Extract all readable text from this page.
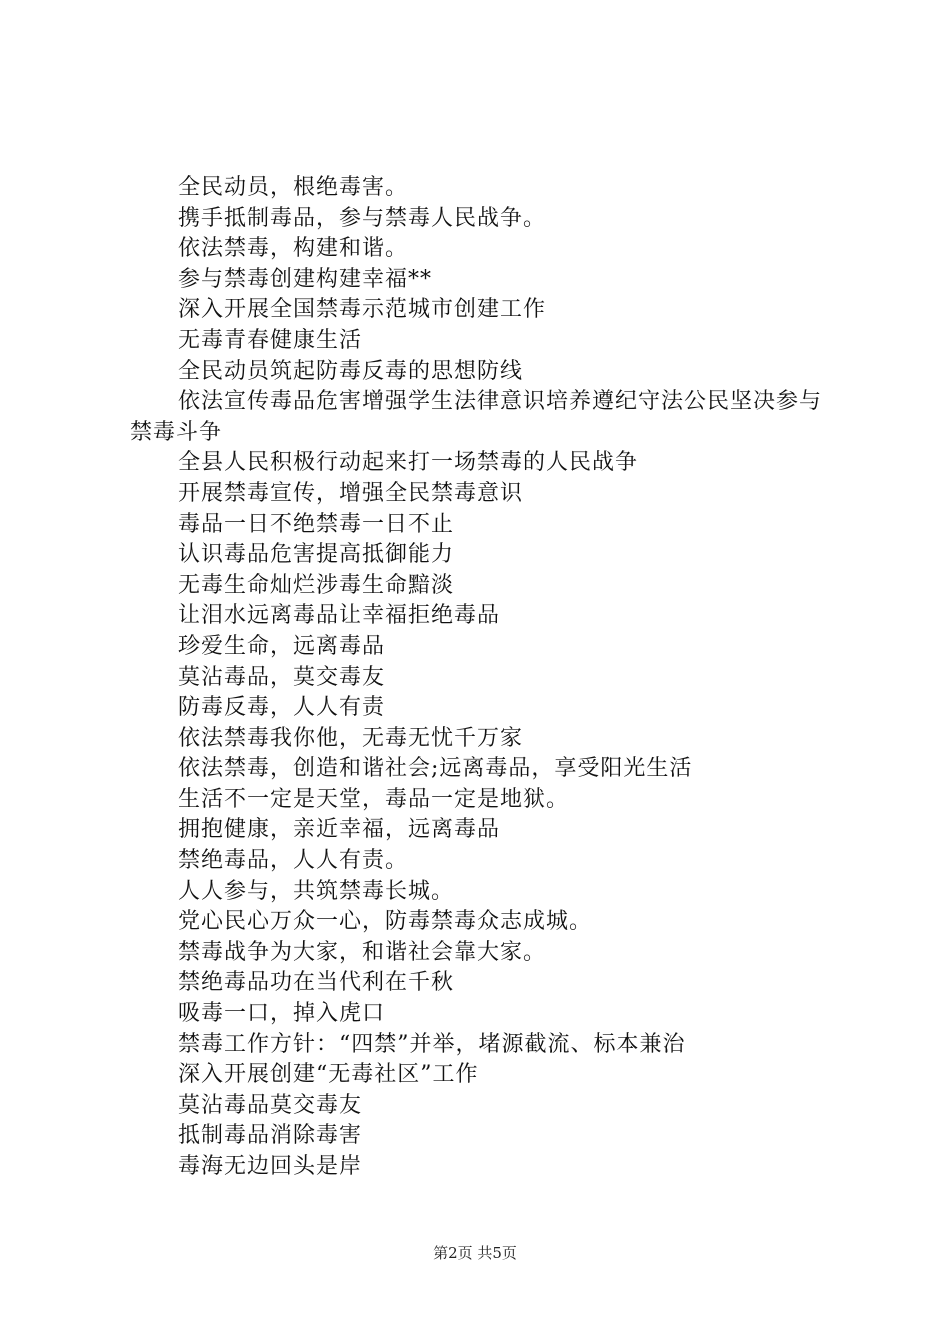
全民动员，根绝毒害。
携手抵制毒品，参与禁毒人民战争。
依法禁毒，构建和谐。
参与禁毒创建构建幸福**
深入开展全国禁毒示范城市创建工作
无毒青春健康生活
全民动员筑起防毒反毒的思想防线
依法宣传毒品危害增强学生法律意识培养遵纪守法公民坚决参与禁毒斗争
全县人民积极行动起来打一场禁毒的人民战争
开展禁毒宣传，增强全民禁毒意识
毒品一日不绝禁毒一日不止
认识毒品危害提高抵御能力
无毒生命灿烂涉毒生命黯淡
让泪水远离毒品让幸福拒绝毒品
珍爱生命，远离毒品
莫沾毒品，莫交毒友
防毒反毒，人人有责
依法禁毒我你他，无毒无忧千万家
依法禁毒，创造和谐社会;远离毒品，享受阳光生活
生活不一定是天堂，毒品一定是地狱。
拥抱健康，亲近幸福，远离毒品
禁绝毒品，人人有责。
人人参与，共筑禁毒长城。
党心民心万众一心，防毒禁毒众志成城。
禁毒战争为大家，和谐社会靠大家。
禁绝毒品功在当代利在千秋
吸毒一口，掉入虎口
禁毒工作方针：“四禁”并举，堵源截流、标本兼治
深入开展创建“无毒社区”工作
莫沾毒品莫交毒友
抵制毒品消除毒害
毒海无边回头是岸
第2页 共5页
